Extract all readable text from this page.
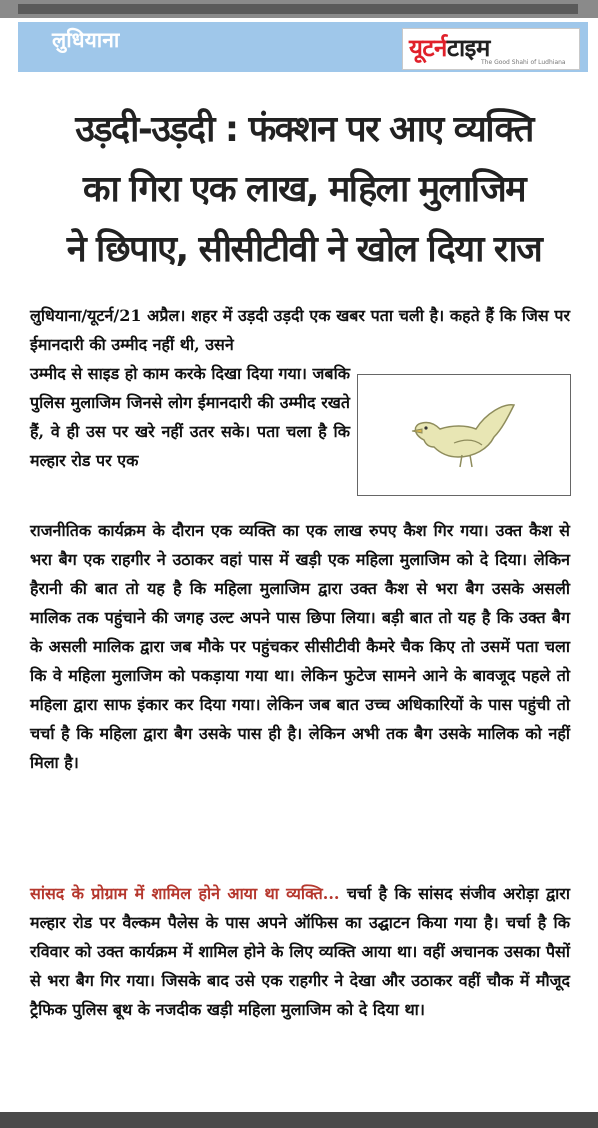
लुधियाना	यूटर्नटाइम
The Good Shahi of Ludhiana
उड़दी-उड़दी : फंक्शन पर आए व्यक्ति
का गिरा एक लाख, महिला मुलाजिम
ने छिपाए, सीसीटीवी ने खोल दिया राज
लुधियाना/यूटर्न/21 अप्रैल। शहर में उड़दी उड़दी एक खबर पता चली है। कहते हैं कि जिस पर ईमानदारी की उम्मीद नहीं थी, उसने
उम्मीद से साइड हो काम करके दिखा दिया गया। जबकि पुलिस मुलाजिम जिनसे लोग ईमानदारी की उम्मीद रखते हैं, वे ही उस पर खरे नहीं उतर सके। पता चला है कि मल्हार रोड पर एक
राजनीतिक कार्यक्रम के दौरान एक व्यक्ति का एक लाख रुपए कैश गिर गया। उक्त कैश से भरा बैग एक राहगीर ने उठाकर वहां पास में खड़ी एक महिला मुलाजिम को दे दिया। लेकिन हैरानी की बात तो यह है कि महिला मुलाजिम द्वारा उक्त कैश से भरा बैग उसके असली मालिक तक पहुंचाने की जगह उल्ट अपने पास छिपा लिया। बड़ी बात तो यह है कि उक्त बैग के असली मालिक द्वारा जब मौके पर पहुंचकर सीसीटीवी कैमरे चैक किए तो उसमें पता चला कि वे महिला मुलाजिम को पकड़ाया गया था। लेकिन फुटेज सामने आने के बावजूद पहले तो महिला द्वारा साफ इंकार कर दिया गया। लेकिन जब बात उच्च अधिकारियों के पास पहुंची तो चर्चा है कि महिला द्वारा बैग उसके पास ही है। लेकिन अभी तक बैग उसके मालिक को नहीं मिला है।
सांसद के प्रोग्राम में शामिल होने आया था व्यक्ति... चर्चा है कि सांसद संजीव अरोड़ा द्वारा मल्हार रोड पर वैल्कम पैलेस के पास अपने ऑफिस का उद्घाटन किया गया है। चर्चा है कि रविवार को उक्त कार्यक्रम में शामिल होने के लिए व्यक्ति आया था। वहीं अचानक उसका पैसों से भरा बैग गिर गया। जिसके बाद उसे एक राहगीर ने देखा और उठाकर वहीं चौक में मौजूद ट्रैफिक पुलिस बूथ के नजदीक खड़ी महिला मुलाजिम को दे दिया था।
